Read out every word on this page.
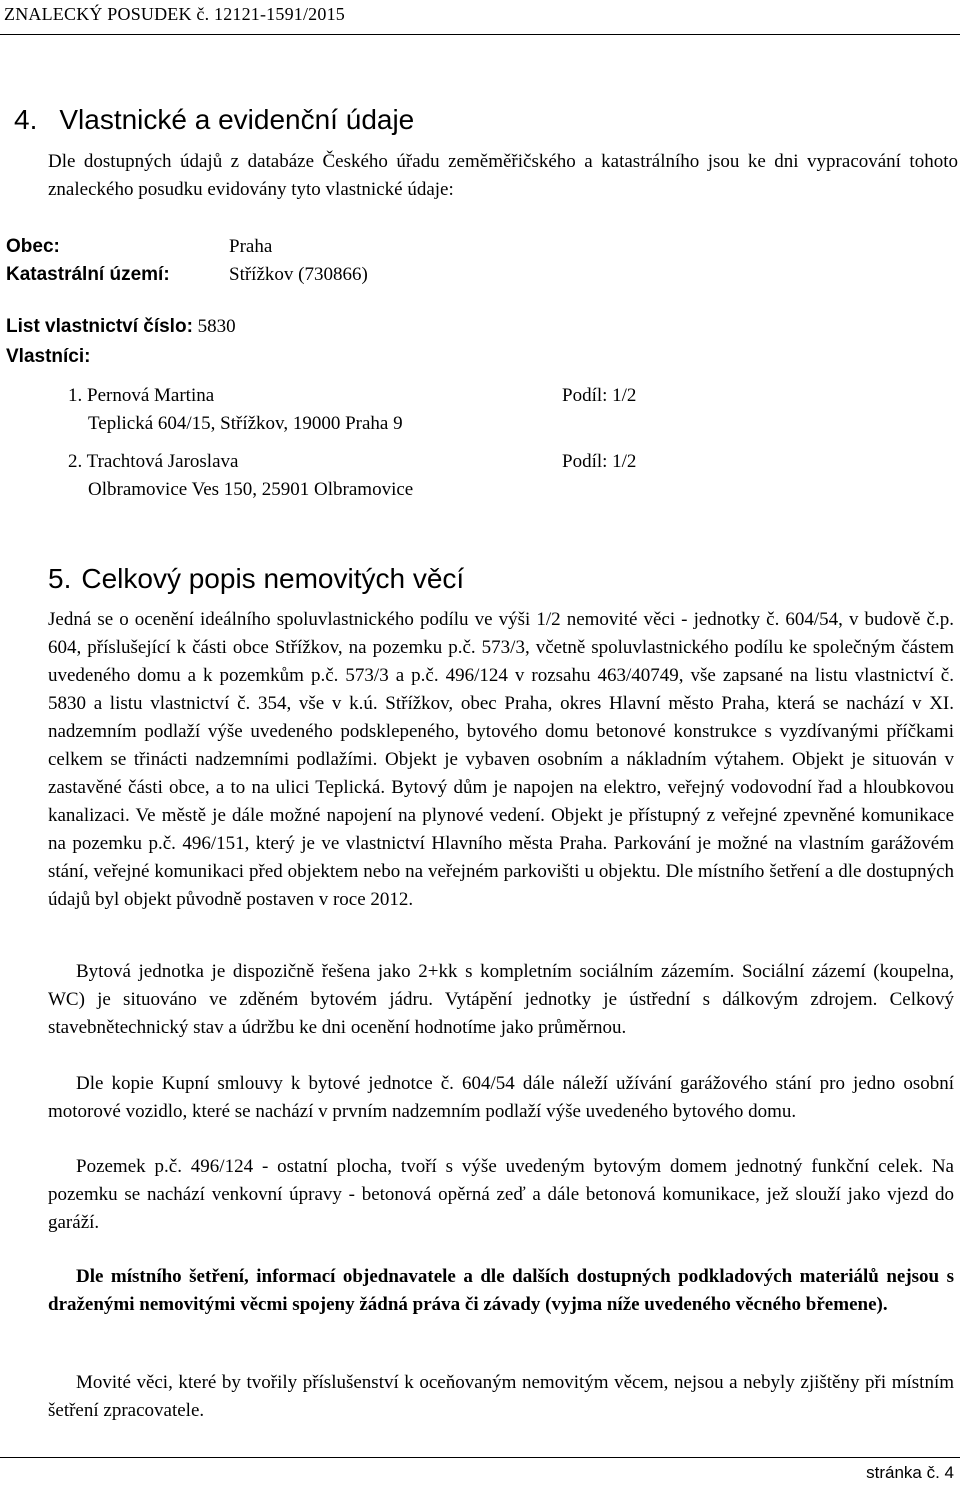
ZNALECKÝ POSUDEK č. 12121-1591/2015
4. Vlastnické a evidenční údaje
Dle dostupných údajů z databáze Českého úřadu zeměměřičského a katastrálního jsou ke dni vypracování tohoto znaleckého posudku evidovány tyto vlastnické údaje:
Obec:	Praha
Katastrální území:	Střížkov (730866)
List vlastnictví číslo: 5830
Vlastníci:
1. Pernová Martina	Podíl: 1/2
Teplická 604/15, Střížkov, 19000 Praha 9
2. Trachtová Jaroslava	Podíl: 1/2
Olbramovice Ves 150, 25901 Olbramovice
5. Celkový popis nemovitých věcí
Jedná se o ocenění ideálního spoluvlastnického podílu ve výši 1/2 nemovité věci - jednotky č. 604/54, v budově č.p. 604, příslušející k části obce Střížkov, na pozemku p.č. 573/3, včetně spoluvlastnického podílu ke společným částem uvedeného domu a k pozemkům p.č. 573/3 a p.č. 496/124 v rozsahu 463/40749, vše zapsané na listu vlastnictví č. 5830 a listu vlastnictví č. 354, vše v k.ú. Střížkov, obec Praha, okres Hlavní město Praha, která se nachází v XI. nadzemním podlaží výše uvedeného podsklepeného, bytového domu betonové konstrukce s vyzdívanými příčkami celkem se třinácti nadzemními podlažími. Objekt je vybaven osobním a nákladním výtahem. Objekt je situován v zastavěné části obce, a to na ulici Teplická. Bytový dům je napojen na elektro, veřejný vodovodní řad a hloubkovou kanalizaci. Ve městě je dále možné napojení na plynové vedení. Objekt je přístupný z veřejné zpevněné komunikace na pozemku p.č. 496/151, který je ve vlastnictví Hlavního města Praha. Parkování je možné na vlastním garážovém stání, veřejné komunikaci před objektem nebo na veřejném parkovišti u objektu. Dle místního šetření a dle dostupných údajů byl objekt původně postaven v roce 2012.
Bytová jednotka je dispozičně řešena jako 2+kk s kompletním sociálním zázemím. Sociální zázemí (koupelna, WC) je situováno ve zděném bytovém jádru. Vytápění jednotky je ústřední s dálkovým zdrojem. Celkový stavebnětechnický stav a údržbu ke dni ocenění hodnotíme jako průměrnou.
Dle kopie Kupní smlouvy k bytové jednotce č. 604/54 dále náleží užívání garážového stání pro jedno osobní motorové vozidlo, které se nachází v prvním nadzemním podlaží výše uvedeného bytového domu.
Pozemek p.č. 496/124 - ostatní plocha, tvoří s výše uvedeným bytovým domem jednotný funkční celek. Na pozemku se nachází venkovní úpravy - betonová opěrná zeď a dále betonová komunikace, jež slouží jako vjezd do garáží.
Dle místního šetření, informací objednavatele a dle dalších dostupných podkladových materiálů nejsou s draženými nemovitými věcmi spojeny žádná práva či závady (vyjma níže uvedeného věcného břemene).
Movité věci, které by tvořily příslušenství k oceňovaným nemovitým věcem, nejsou a nebyly zjištěny při místním šetření zpracovatele.
stránka č. 4
